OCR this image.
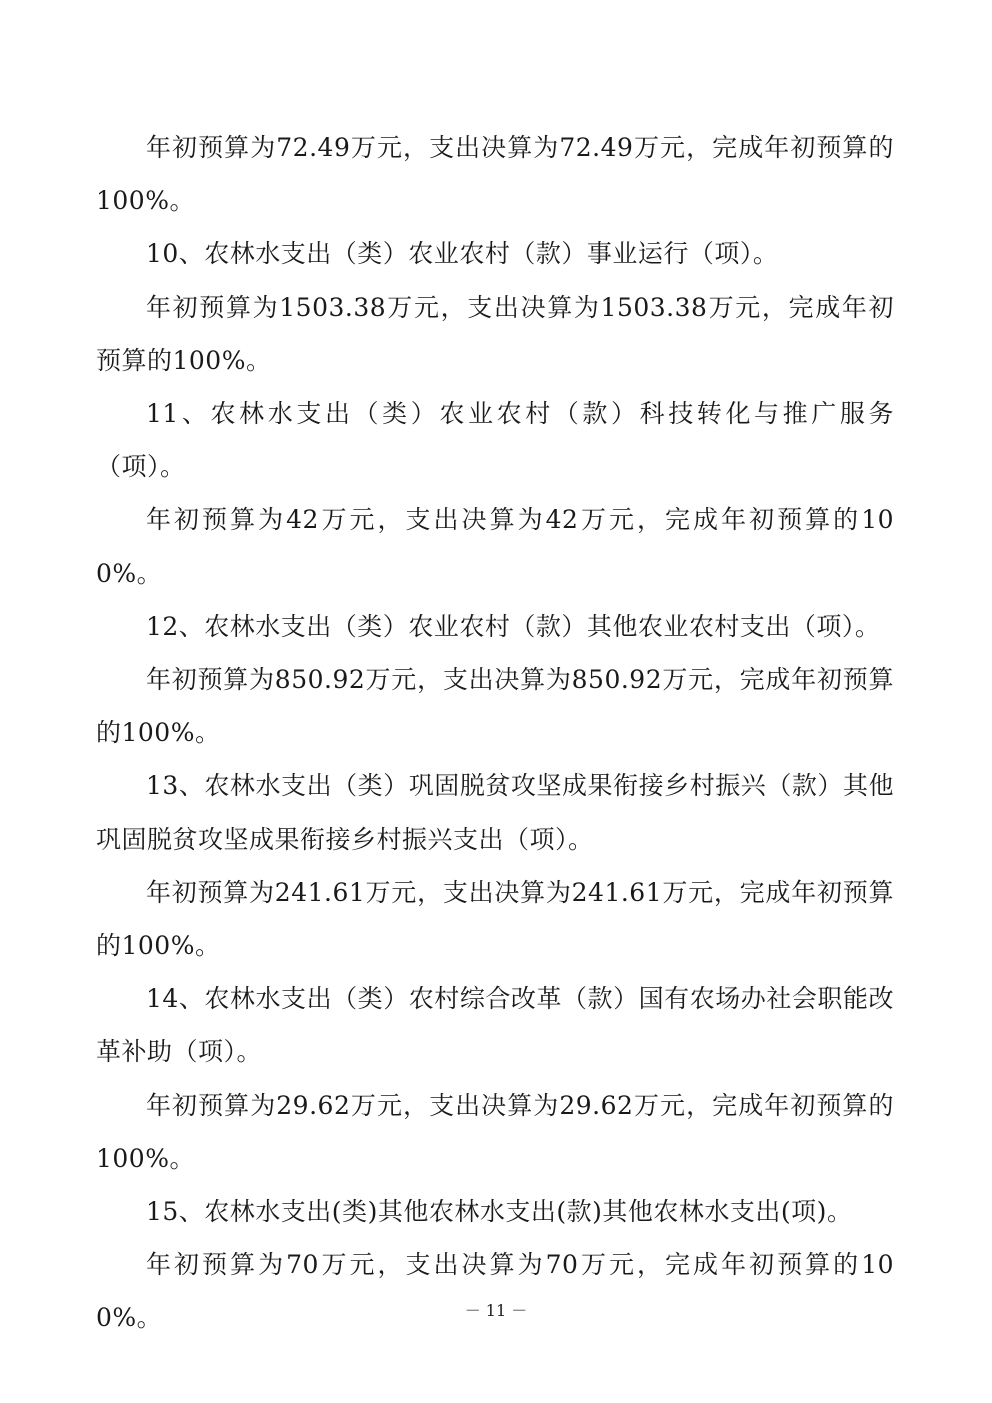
年初预算为72.49万元，支出决算为72.49万元，完成年初预算的100%。

10、农林水支出（类）农业农村（款）事业运行（项）。

年初预算为1503.38万元，支出决算为1503.38万元，完成年初预算的100%。

11、农林水支出（类）农业农村（款）科技转化与推广服务（项）。

年初预算为42万元，支出决算为42万元，完成年初预算的100%。

12、农林水支出（类）农业农村（款）其他农业农村支出（项）。

年初预算为850.92万元，支出决算为850.92万元，完成年初预算的100%。

13、农林水支出（类）巩固脱贫攻坚成果衔接乡村振兴（款）其他巩固脱贫攻坚成果衔接乡村振兴支出（项）。

年初预算为241.61万元，支出决算为241.61万元，完成年初预算的100%。

14、农林水支出（类）农村综合改革（款）国有农场办社会职能改革补助（项）。

年初预算为29.62万元，支出决算为29.62万元，完成年初预算的100%。

15、农林水支出(类)其他农林水支出(款)其他农林水支出(项)。

年初预算为70万元，支出决算为70万元，完成年初预算的100%。	－ 11 －
